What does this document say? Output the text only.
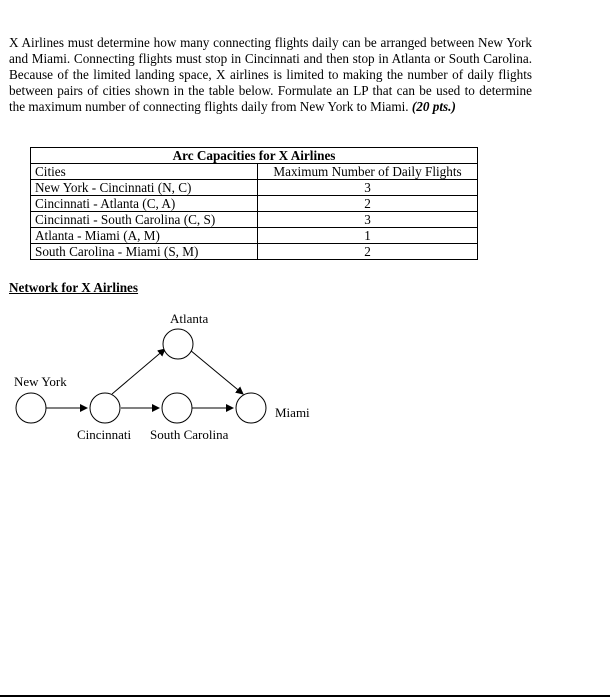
X Airlines must determine how many connecting flights daily can be arranged between New York and Miami. Connecting flights must stop in Cincinnati and then stop in Atlanta or South Carolina. Because of the limited landing space, X airlines is limited to making the number of daily flights between pairs of cities shown in the table below. Formulate an LP that can be used to determine the maximum number of connecting flights daily from New York to Miami. (20 pts.)
Arc Capacities for X Airlines	
Cities	Maximum Number of Daily Flights
New York - Cincinnati (N, C)	3
Cincinnati - Atlanta (C, A)	2
Cincinnati - South Carolina (C, S)	3
Atlanta - Miami (A, M)	1
South Carolina - Miami (S, M)	2
Network for X Airlines
New York
Cincinnati South Carolina
Atlanta
Miami
